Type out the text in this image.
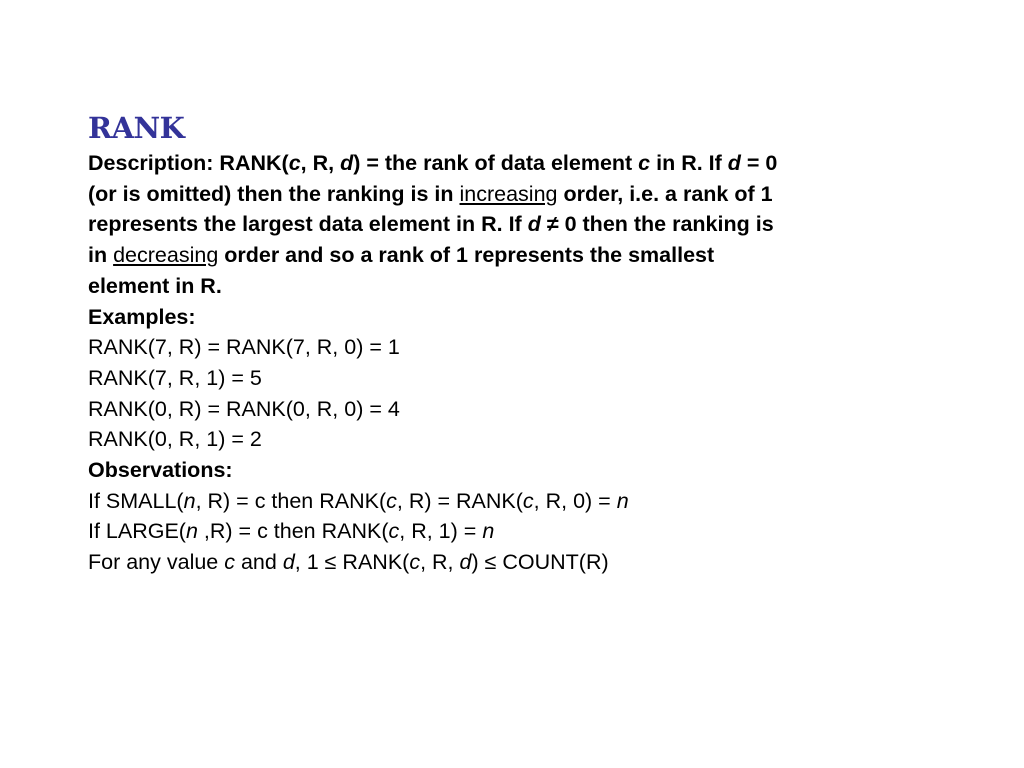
RANK
Description: RANK(c, R, d) = the rank of data element c in R. If d = 0
(or is omitted) then the ranking is in increasing order, i.e. a rank of 1
represents the largest data element in R. If d ≠ 0 then the ranking is
in decreasing order and so a rank of 1 represents the smallest
element in R.
Examples:
RANK(7, R) = RANK(7, R, 0) = 1
RANK(7, R, 1) = 5
RANK(0, R) = RANK(0, R, 0) = 4
RANK(0, R, 1) = 2
Observations:
If SMALL(n, R) = c then RANK(c, R) = RANK(c, R, 0) = n
If LARGE(n ,R) = c then RANK(c, R, 1) = n
For any value c and d, 1 ≤ RANK(c, R, d) ≤ COUNT(R)
